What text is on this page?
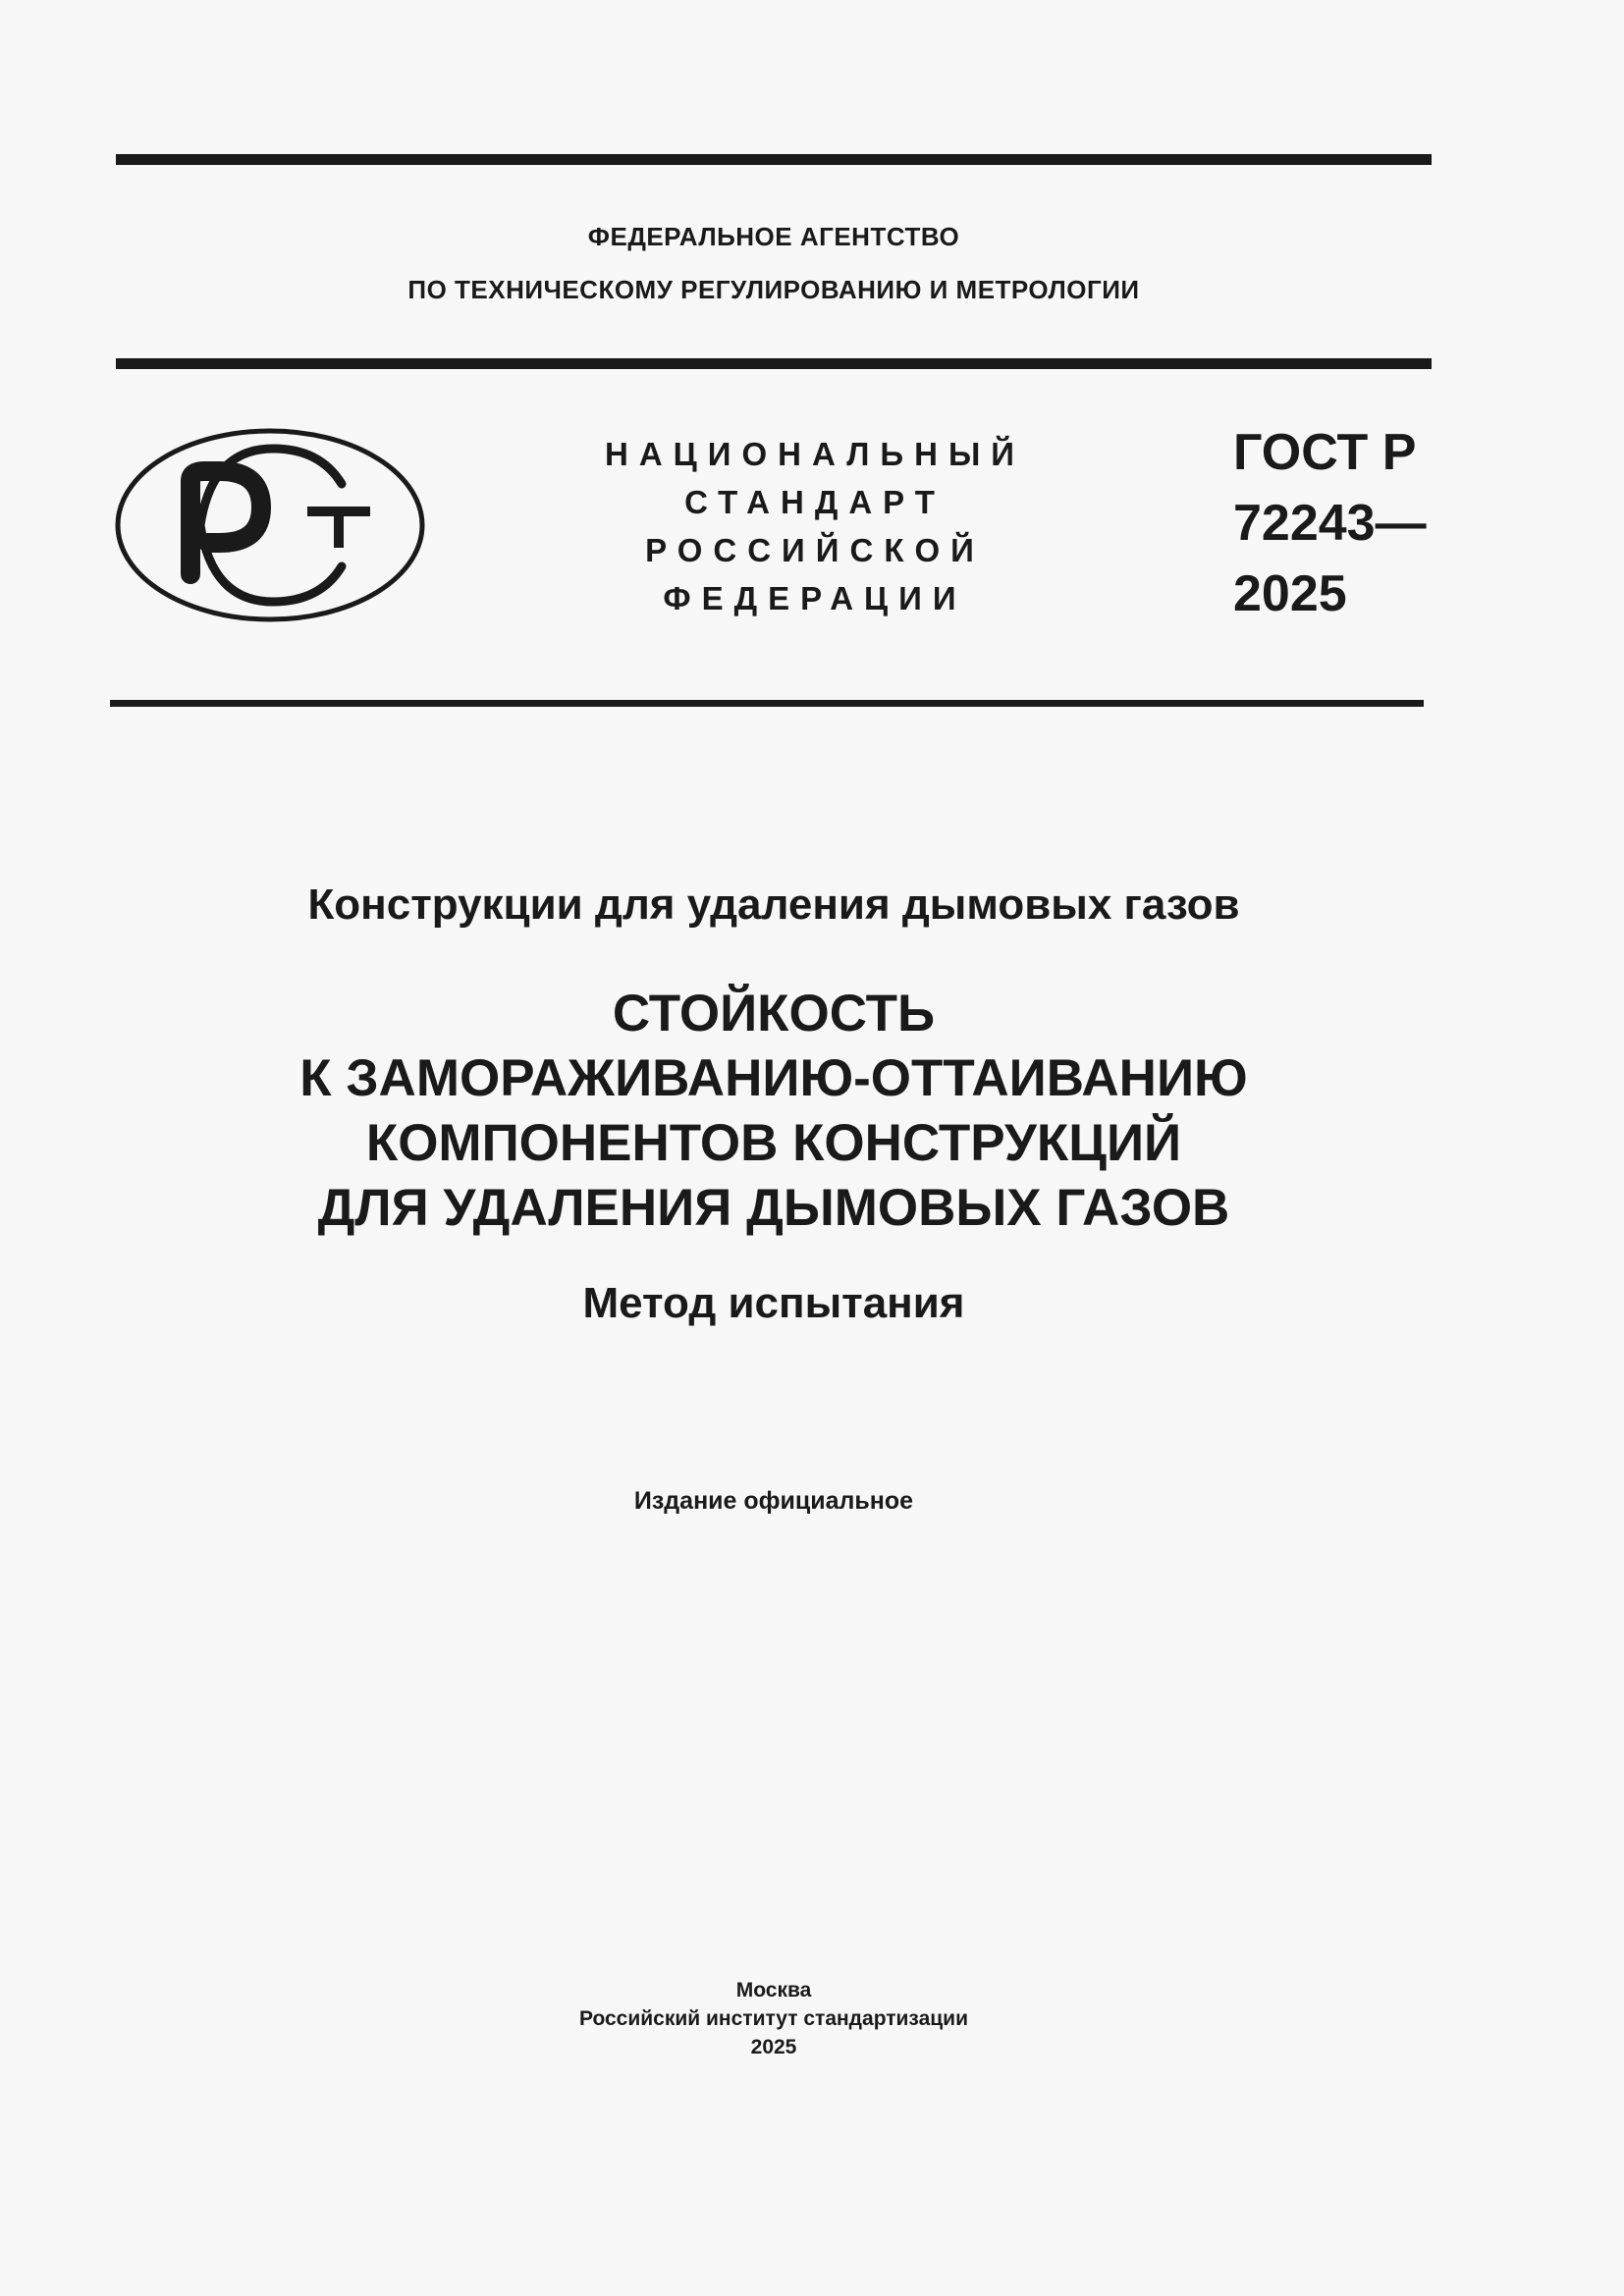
ФЕДЕРАЛЬНОЕ АГЕНТСТВО
ПО ТЕХНИЧЕСКОМУ РЕГУЛИРОВАНИЮ И МЕТРОЛОГИИ
НАЦИОНАЛЬНЫЙ
СТАНДАРТ
РОССИЙСКОЙ
ФЕДЕРАЦИИ
ГОСТ Р
72243—
2025
Конструкции для удаления дымовых газов
СТОЙКОСТЬ
К ЗАМОРАЖИВАНИЮ-ОТТАИВАНИЮ
КОМПОНЕНТОВ КОНСТРУКЦИЙ
ДЛЯ УДАЛЕНИЯ ДЫМОВЫХ ГАЗОВ
Метод испытания
Издание официальное
Москва
Российский институт стандартизации
2025
